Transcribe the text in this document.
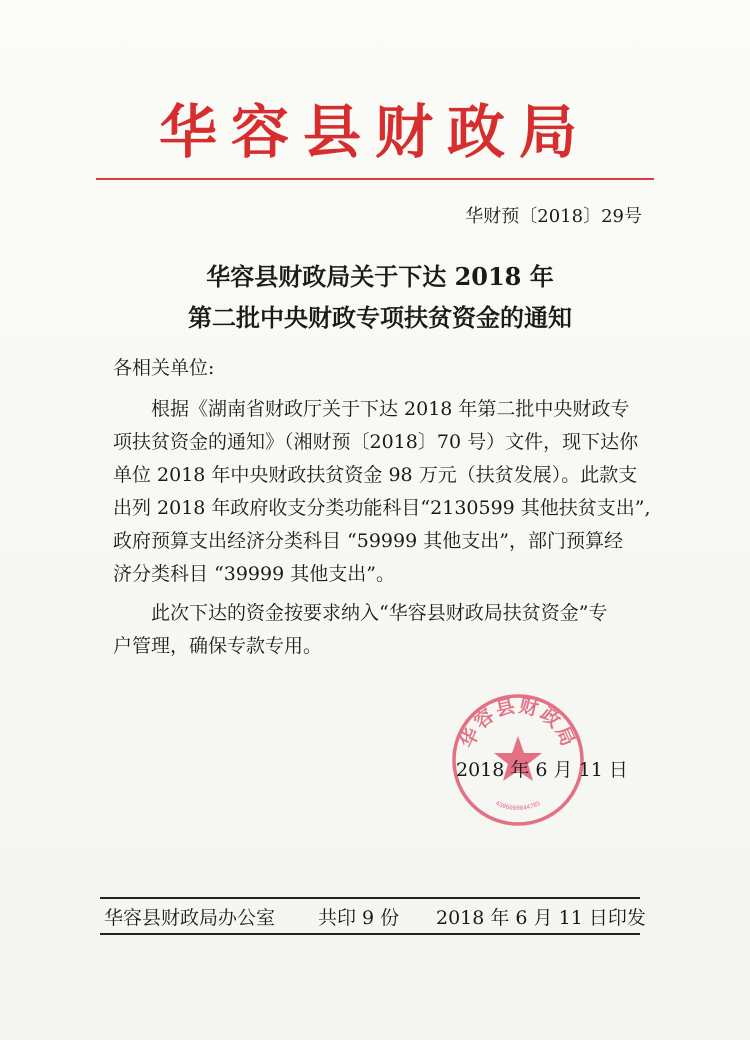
华容县财政局
华财预〔2018〕29号
华容县财政局关于下达 2018 年
第二批中央财政专项扶贫资金的通知
各相关单位:
　　根据《湖南省财政厅关于下达 2018 年第二批中央财政专
项扶贫资金的通知》（湘财预〔2018〕70 号）文件，现下达你
单位 2018 年中央财政扶贫资金 98 万元（扶贫发展）。此款支
出列 2018 年政府收支分类功能科目“2130599 其他扶贫支出”,
政府预算支出经济分类科目 “59999 其他支出”，部门预算经
济分类科目 “39999 其他支出”。
　　此次下达的资金按要求纳入“华容县财政局扶贫资金”专
户管理，确保专款专用。
华容县财政局
4306000044785
2018 年 6 月 11 日
华容县财政局办公室 共印 9 份 2018 年 6 月 11 日印发
